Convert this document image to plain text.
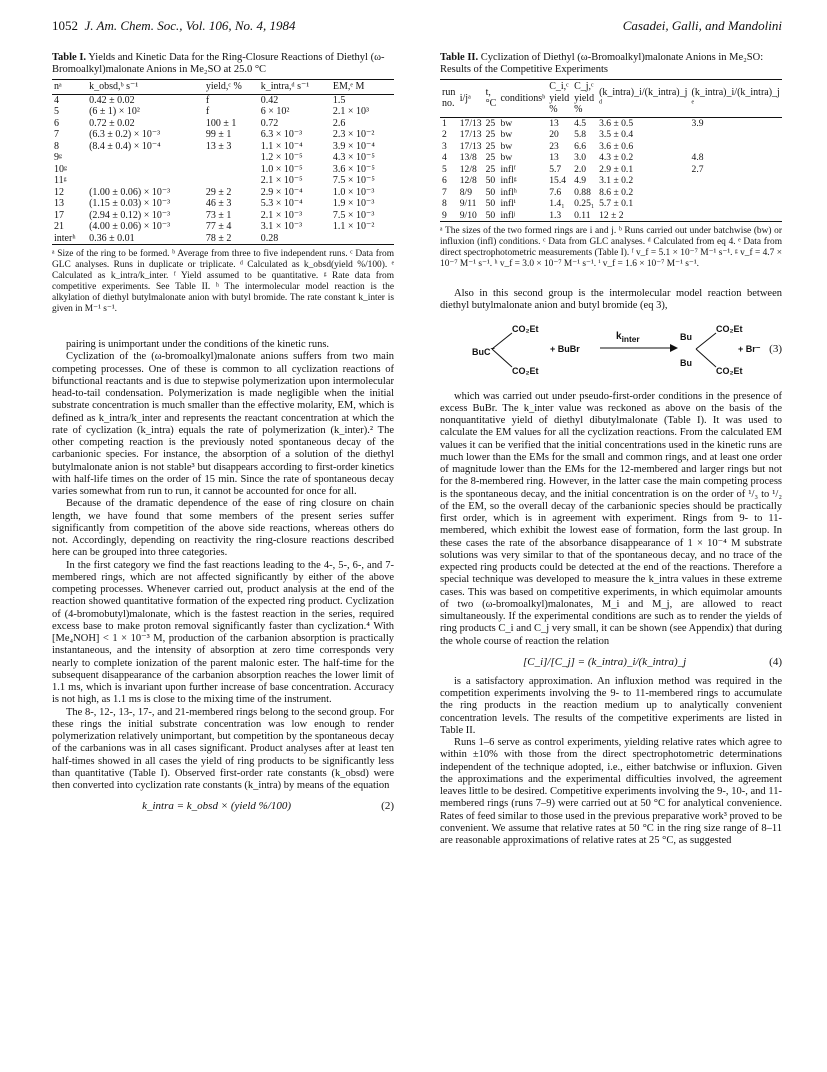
1052 J. Am. Chem. Soc., Vol. 106, No. 4, 1984	Casadei, Galli, and Mandolini
Table I. Yields and Kinetic Data for the Ring-Closure Reactions of Diethyl (ω-Bromoalkyl)malonate Anions in Me₂SO at 25.0 °C
nᵃ	k_obsd,ᵇ s⁻¹	yield,ᶜ %	k_intra,ᵈ s⁻¹	EM,ᵉ M
4	0.42 ± 0.02	f	0.42	1.5
5	(6 ± 1) × 10²	f	6 × 10²	2.1 × 10³
6	0.72 ± 0.02	100 ± 1	0.72	2.6
7	(6.3 ± 0.2) × 10⁻³	99 ± 1	6.3 × 10⁻³	2.3 × 10⁻²
8	(8.4 ± 0.4) × 10⁻⁴	13 ± 3	1.1 × 10⁻⁴	3.9 × 10⁻⁴
9ᵍ			1.2 × 10⁻⁵	4.3 × 10⁻⁵
10ᵍ			1.0 × 10⁻⁵	3.6 × 10⁻⁵
11ᵍ			2.1 × 10⁻⁵	7.5 × 10⁻⁵
12	(1.00 ± 0.06) × 10⁻³	29 ± 2	2.9 × 10⁻⁴	1.0 × 10⁻³
13	(1.15 ± 0.03) × 10⁻³	46 ± 3	5.3 × 10⁻⁴	1.9 × 10⁻³
17	(2.94 ± 0.12) × 10⁻³	73 ± 1	2.1 × 10⁻³	7.5 × 10⁻³
21	(4.00 ± 0.06) × 10⁻³	77 ± 4	3.1 × 10⁻³	1.1 × 10⁻²
interʰ	0.36 ± 0.01	78 ± 2	0.28	
ᵃ Size of the ring to be formed. ᵇ Average from three to five independent runs. ᶜ Data from GLC analyses. Runs in duplicate or triplicate. ᵈ Calculated as k_obsd(yield %/100). ᵉ Calculated as k_intra/k_inter. ᶠ Yield assumed to be quantitative. ᵍ Rate data from competitive experiments. See Table II. ʰ The intermolecular model reaction is the alkylation of diethyl butylmalonate anion with butyl bromide. The rate constant k_inter is given in M⁻¹ s⁻¹.

pairing is unimportant under the conditions of the kinetic runs.

Cyclization of the (ω-bromoalkyl)malonate anions suffers from two main competing processes. One of these is common to all cyclization reactions of bifunctional reactants and is due to stepwise polymerization upon intermolecular head-to-tail condensation. Polymerization is made negligible when the initial substrate concentration is much smaller than the effective molarity, EM, which is defined as k_intra/k_inter and represents the reactant concentration at which the rate of cyclization (k_intra) equals the rate of polymerization (k_inter).² The other competing reaction is the previously noted spontaneous decay of the carbanionic species. For instance, the absorption of a solution of the diethyl butylmalonate anion is not stable³ but disappears according to first-order kinetics with half-life times on the order of 15 min. Since the rate of spontaneous decay varies somewhat from run to run, it cannot be accounted for once for all.

Because of the dramatic dependence of the ease of ring closure on chain length, we have found that some members of the present series suffer significantly from competition of the above side reactions, whereas others do not. Accordingly, depending on reactivity the ring-closure reactions described here can be grouped into three categories.

In the first category we find the fast reactions leading to the 4-, 5-, 6-, and 7-membered rings, which are not affected significantly by either of the above competing processes. Whenever carried out, product analysis at the end of the reaction showed quantitative formation of the expected ring product. Cyclization of (4-bromobutyl)malonate, which is the fastest reaction in the series, required excess base to make proton removal significantly faster than cyclization.⁴ With [Me₄NOH] < 1 × 10⁻³ M, production of the carbanion absorption is practically instantaneous, and the intensity of absorption at zero time corresponds very nearly to complete ionization of the parent malonic ester. The half-time for the subsequent disappearance of the carbanion absorption reaches the lower limit of 1.1 ms, which is invariant upon further increase of base concentration. Accuracy is not high, as 1.1 ms is close to the mixing time of the instrument.

The 8-, 12-, 13-, 17-, and 21-membered rings belong to the second group. For these rings the initial substrate concentration was low enough to render polymerization relatively unimportant, but competition by the spontaneous decay of the carbanions was in all cases significant. Product analyses after at least ten half-times showed in all cases the yield of ring products to be significantly less than quantitative (Table I). Observed first-order rate constants (k_obsd) were then converted into cyclization rate constants (k_intra) by means of the equation

k_intra = k_obsd × (yield %/100)	(2)
Table II. Cyclization of Diethyl (ω-Bromoalkyl)malonate Anions in Me₂SO: Results of the Competitive Experiments
run no.	i/jᵃ	t, °C	conditionsᵇ	C_i,ᶜ yield %	C_j,ᶜ yield %	(k_intra)_i/(k_intra)_j ᵈ	(k_intra)_i/(k_intra)_j ᵉ
1	17/13	25	bw	13	4.5	3.6 ± 0.5	3.9
2	17/13	25	bw	20	5.8	3.5 ± 0.4	
3	17/13	25	bw	23	6.6	3.6 ± 0.6	
4	13/8	25	bw	13	3.0	4.3 ± 0.2	4.8
5	12/8	25	inflᶠ	5.7	2.0	2.9 ± 0.1	2.7
6	12/8	50	inflᵍ	15.4	4.9	3.1 ± 0.2	
7	8/9	50	inflʰ	7.6	0.88	8.6 ± 0.2	
8	9/11	50	inflⁱ	1.4₁	0.25₁	5.7 ± 0.1	
9	9/10	50	inflʲ	1.3	0.11	12 ± 2	
ᵃ The sizes of the two formed rings are i and j. ᵇ Runs carried out under batchwise (bw) or influxion (infl) conditions. ᶜ Data from GLC analyses. ᵈ Calculated from eq 4. ᵉ Data from direct spectrophotometric measurements (Table I). ᶠ v_f = 5.1 × 10⁻⁷ M⁻¹ s⁻¹. ᵍ v_f = 4.7 × 10⁻⁷ M⁻¹ s⁻¹. ʰ v_f = 3.0 × 10⁻⁷ M⁻¹ s⁻¹. ⁱ v_f = 1.6 × 10⁻⁷ M⁻¹ s⁻¹.

Also in this second group is the intermolecular model reaction between diethyl butylmalonate anion and butyl bromide (eq 3),

CO₂Et
BuC−
CO₂Et
+ BuBr
$k_{inter}$	Bu
CO₂Et
Bu
CO₂Et
+ Br⁻ (3)

which was carried out under pseudo-first-order conditions in the presence of excess BuBr. The k_inter value was reckoned as above on the basis of the nonquantitative yield of diethyl dibutylmalonate (Table I). It was used to calculate the EM values for all the cyclization reactions. From the calculated EM values it can be verified that the initial concentrations used in the kinetic runs are much lower than the EMs for the small and common rings, and at least one order of magnitude lower than the EMs for the 12-membered and larger rings but not for the 8-membered ring. However, in the latter case the main competing process is the spontaneous decay, and the initial concentration is on the order of ¹/₃ to ¹/₂ of the EM, so the overall decay of the carbanionic species should be practically first order, which is in agreement with experiment. Rings from 9- to 11-membered, which exhibit the lowest ease of formation, form the last group. In these cases the rate of the absorbance disappearance of 1 × 10⁻⁴ M substrate solutions was very similar to that of the spontaneous decay, and no trace of the expected ring products could be detected at the end of the reactions. Therefore a special technique was developed to measure the k_intra values in these extreme cases. This was based on competitive experiments, in which equimolar amounts of two (ω-bromoalkyl)malonates, M_i and M_j, are allowed to react simultaneously. If the experimental conditions are such as to render the yields of ring products C_i and C_j very small, it can be shown (see Appendix) that during the whole course of reaction the relation

[C_i]/[C_j] = (k_intra)_i/(k_intra)_j	(4)

is a satisfactory approximation. An influxion method was required in the competition experiments involving the 9- to 11-membered rings to accumulate the ring products in the reaction medium up to analytically convenient concentration levels. The results of the competitive experiments are listed in Table II.

Runs 1–6 serve as control experiments, yielding relative rates which agree to within ±10% with those from the direct spectrophotometric determinations independent of the technique adopted, i.e., either batchwise or influxion. Given the approximations and the experimental difficulties involved, the agreement leaves little to be desired. Competitive experiments involving the 9-, 10-, and 11-membered rings (runs 7–9) were carried out at 50 °C for analytical convenience. Rates of feed similar to those used in the previous preparative work³ proved to be convenient. We assume that relative rates at 50 °C in the ring size range of 8–11 are reasonable approximations of relative rates at 25 °C, as suggested
